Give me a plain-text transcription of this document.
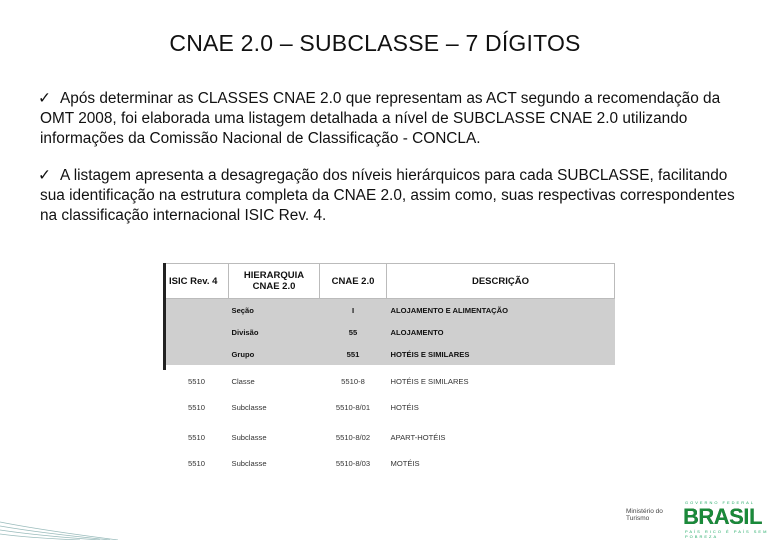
CNAE 2.0 – SUBCLASSE – 7 DÍGITOS
✓ Após determinar as CLASSES CNAE 2.0 que representam as ACT segundo a recomendação da OMT 2008, foi elaborada uma listagem detalhada a nível de SUBCLASSE CNAE 2.0 utilizando informações da Comissão Nacional de Classificação - CONCLA.
✓ A listagem apresenta a desagregação dos níveis hierárquicos para cada SUBCLASSE, facilitando sua identificação na estrutura completa da CNAE 2.0, assim como, suas respectivas correspondentes na classificação internacional ISIC Rev. 4.
ISIC Rev. 4	HIERARQUIA CNAE 2.0	CNAE 2.0	DESCRIÇÃO
	Seção	I	ALOJAMENTO E ALIMENTAÇÃO
	Divisão	55	ALOJAMENTO
	Grupo	551	HOTÉIS E SIMILARES

5510	Classe	5510-8	HOTÉIS E SIMILARES
5510	Subclasse	5510-8/01	HOTÉIS
5510	Subclasse	5510-8/02	APART-HOTÉIS
5510	Subclasse	5510-8/03	MOTÉIS
Ministério do Turismo
GOVERNO FEDERAL
BRASIL
PAÍS RICO É PAÍS SEM POBREZA
